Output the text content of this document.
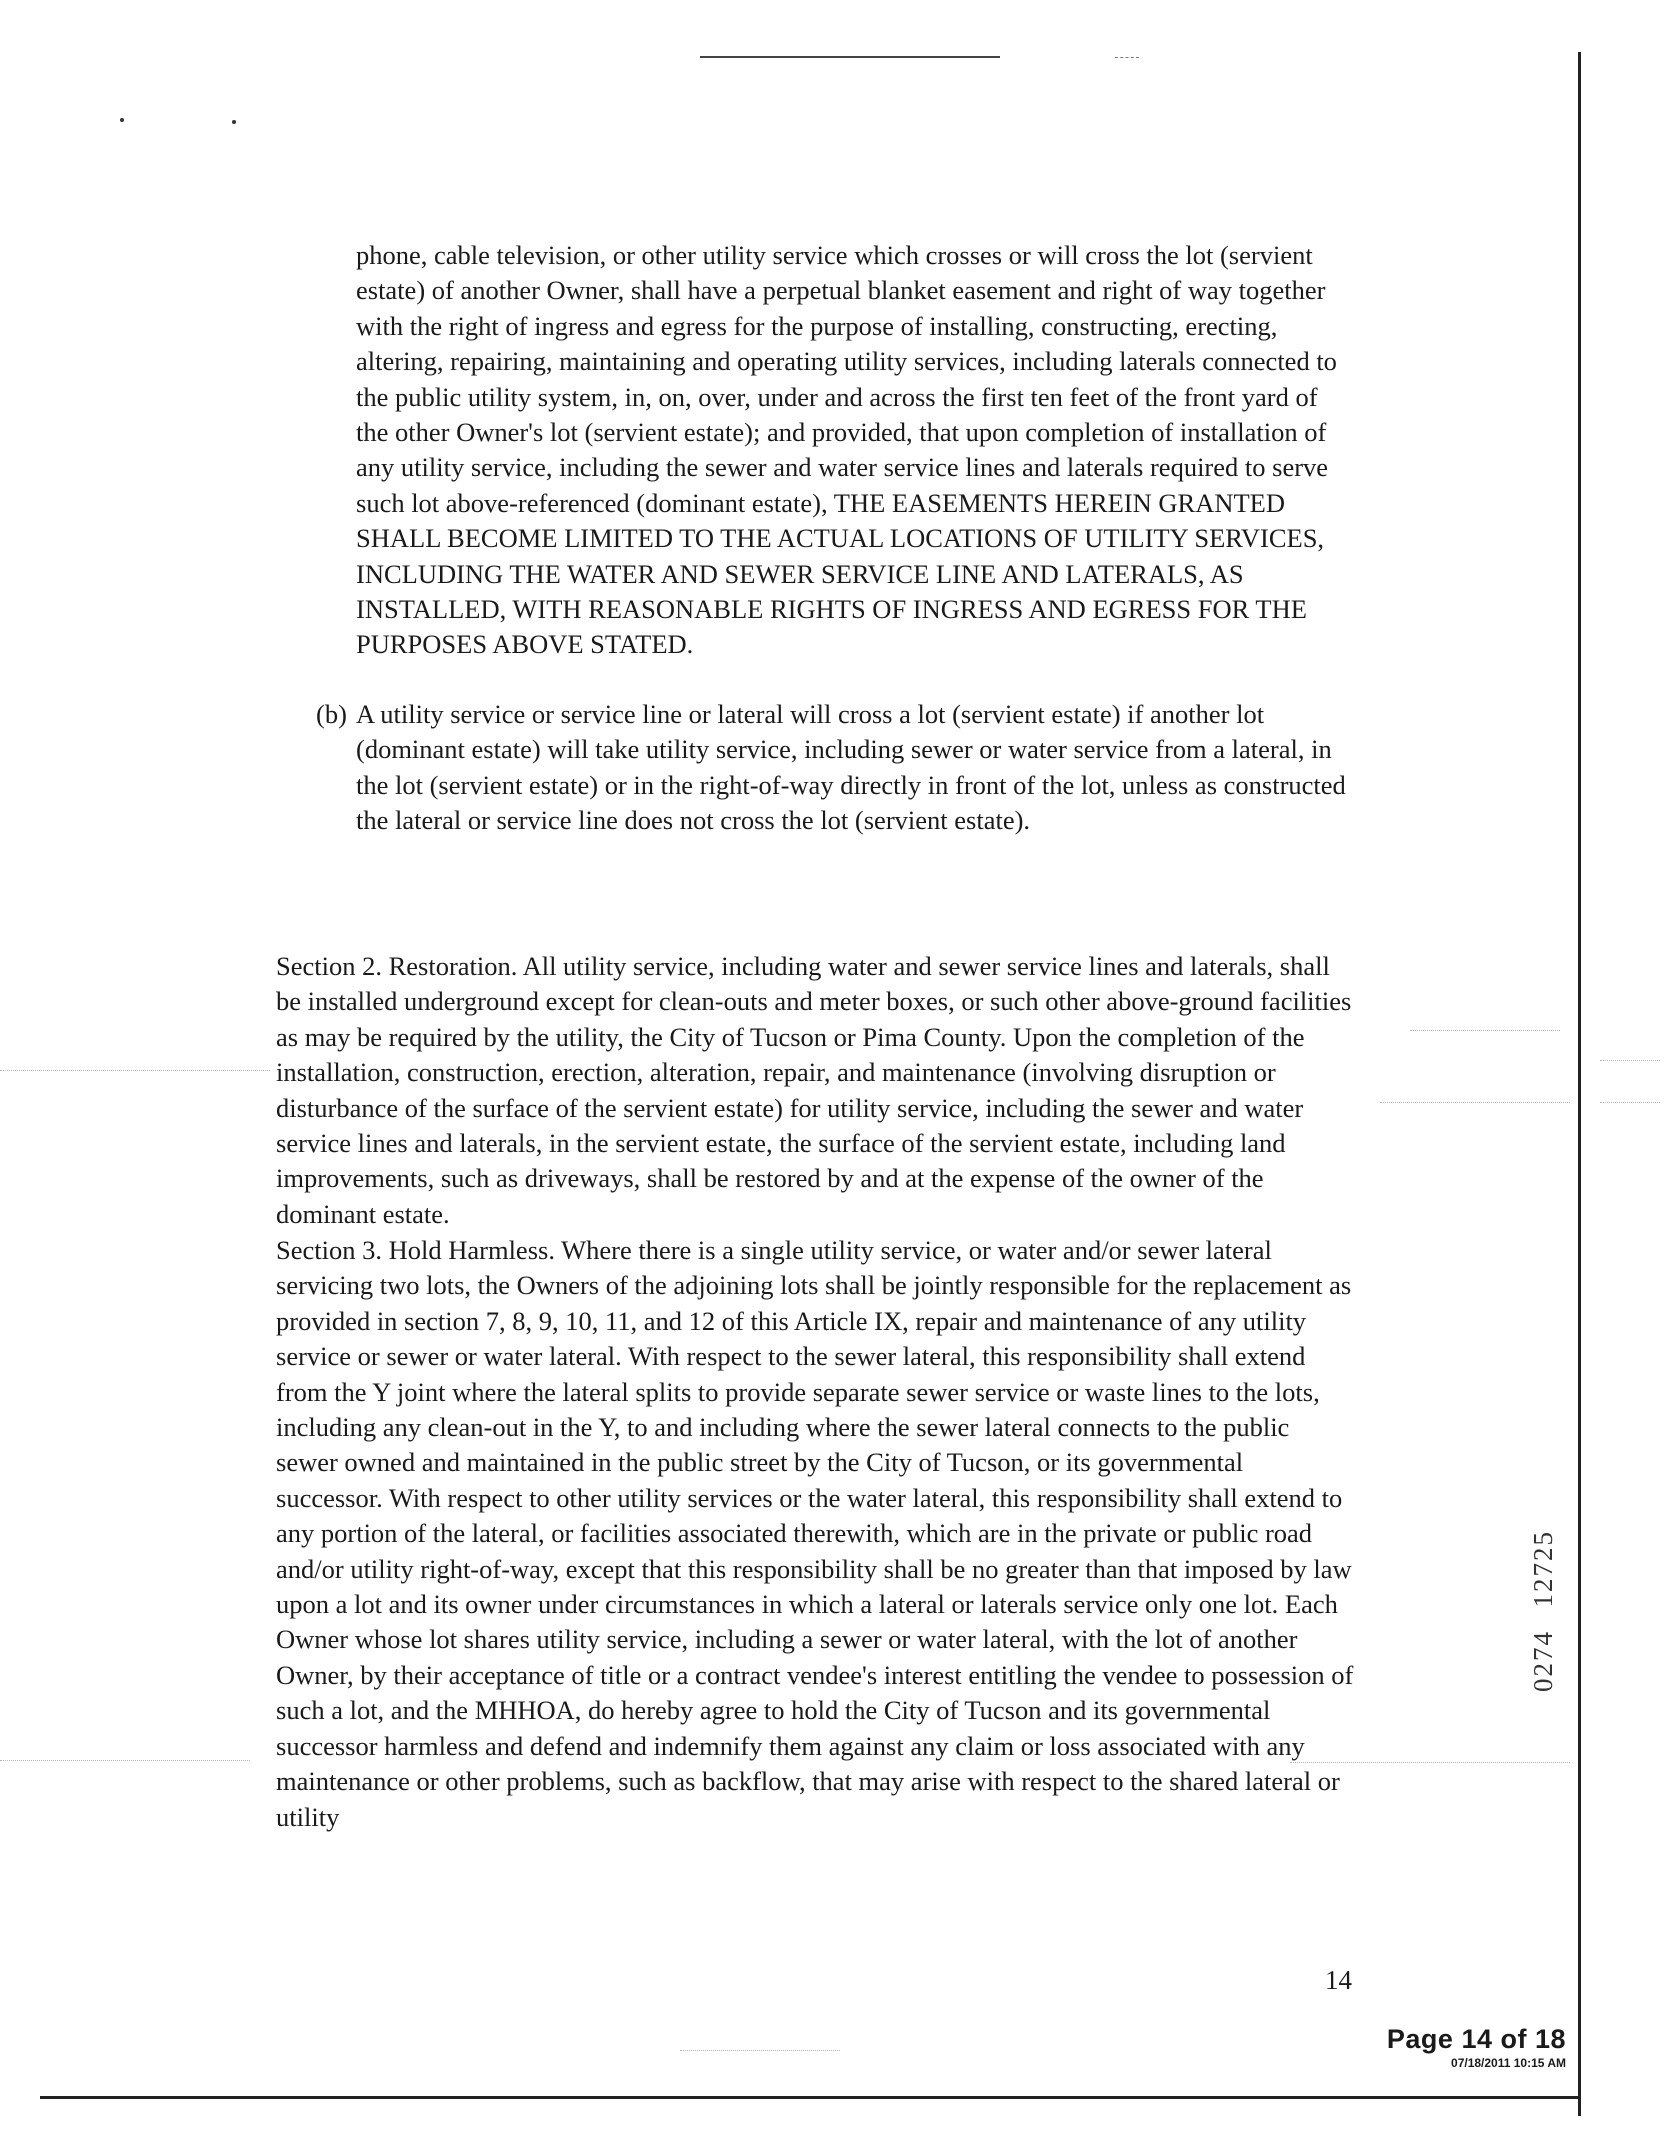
phone, cable television, or other utility service which crosses or will cross the lot (servient estate) of another Owner, shall have a perpetual blanket easement and right of way together with the right of ingress and egress for the purpose of installing, constructing, erecting, altering, repairing, maintaining and operating utility services, including laterals connected to the public utility system, in, on, over, under and across the first ten feet of the front yard of the other Owner's lot (servient estate); and provided, that upon completion of installation of any utility service, including the sewer and water service lines and laterals required to serve such lot above-referenced (dominant estate), THE EASEMENTS HEREIN GRANTED SHALL BECOME LIMITED TO THE ACTUAL LOCATIONS OF UTILITY SERVICES, INCLUDING THE WATER AND SEWER SERVICE LINE AND LATERALS, AS INSTALLED, WITH REASONABLE RIGHTS OF INGRESS AND EGRESS FOR THE PURPOSES ABOVE STATED.

(b) A utility service or service line or lateral will cross a lot (servient estate) if another lot (dominant estate) will take utility service, including sewer or water service from a lateral, in the lot (servient estate) or in the right-of-way directly in front of the lot, unless as constructed the lateral or service line does not cross the lot (servient estate).

Section 2. Restoration. All utility service, including water and sewer service lines and laterals, shall be installed underground except for clean-outs and meter boxes, or such other above-ground facilities as may be required by the utility, the City of Tucson or Pima County. Upon the completion of the installation, construction, erection, alteration, repair, and maintenance (involving disruption or disturbance of the surface of the servient estate) for utility service, including the sewer and water service lines and laterals, in the servient estate, the surface of the servient estate, including land improvements, such as driveways, shall be restored by and at the expense of the owner of the dominant estate.

Section 3. Hold Harmless. Where there is a single utility service, or water and/or sewer lateral servicing two lots, the Owners of the adjoining lots shall be jointly responsible for the replacement as provided in section 7, 8, 9, 10, 11, and 12 of this Article IX, repair and maintenance of any utility service or sewer or water lateral. With respect to the sewer lateral, this responsibility shall extend from the Y joint where the lateral splits to provide separate sewer service or waste lines to the lots, including any clean-out in the Y, to and including where the sewer lateral connects to the public sewer owned and maintained in the public street by the City of Tucson, or its governmental successor. With respect to other utility services or the water lateral, this responsibility shall extend to any portion of the lateral, or facilities associated therewith, which are in the private or public road and/or utility right-of-way, except that this responsibility shall be no greater than that imposed by law upon a lot and its owner under circumstances in which a lateral or laterals service only one lot. Each Owner whose lot shares utility service, including a sewer or water lateral, with the lot of another Owner, by their acceptance of title or a contract vendee's interest entitling the vendee to possession of such a lot, and the MHHOA, do hereby agree to hold the City of Tucson and its governmental successor harmless and defend and indemnify them against any claim or loss associated with any maintenance or other problems, such as backflow, that may arise with respect to the shared lateral or utility

14
12725
0274
Page 14 of 18
07/18/2011 10:15 AM
